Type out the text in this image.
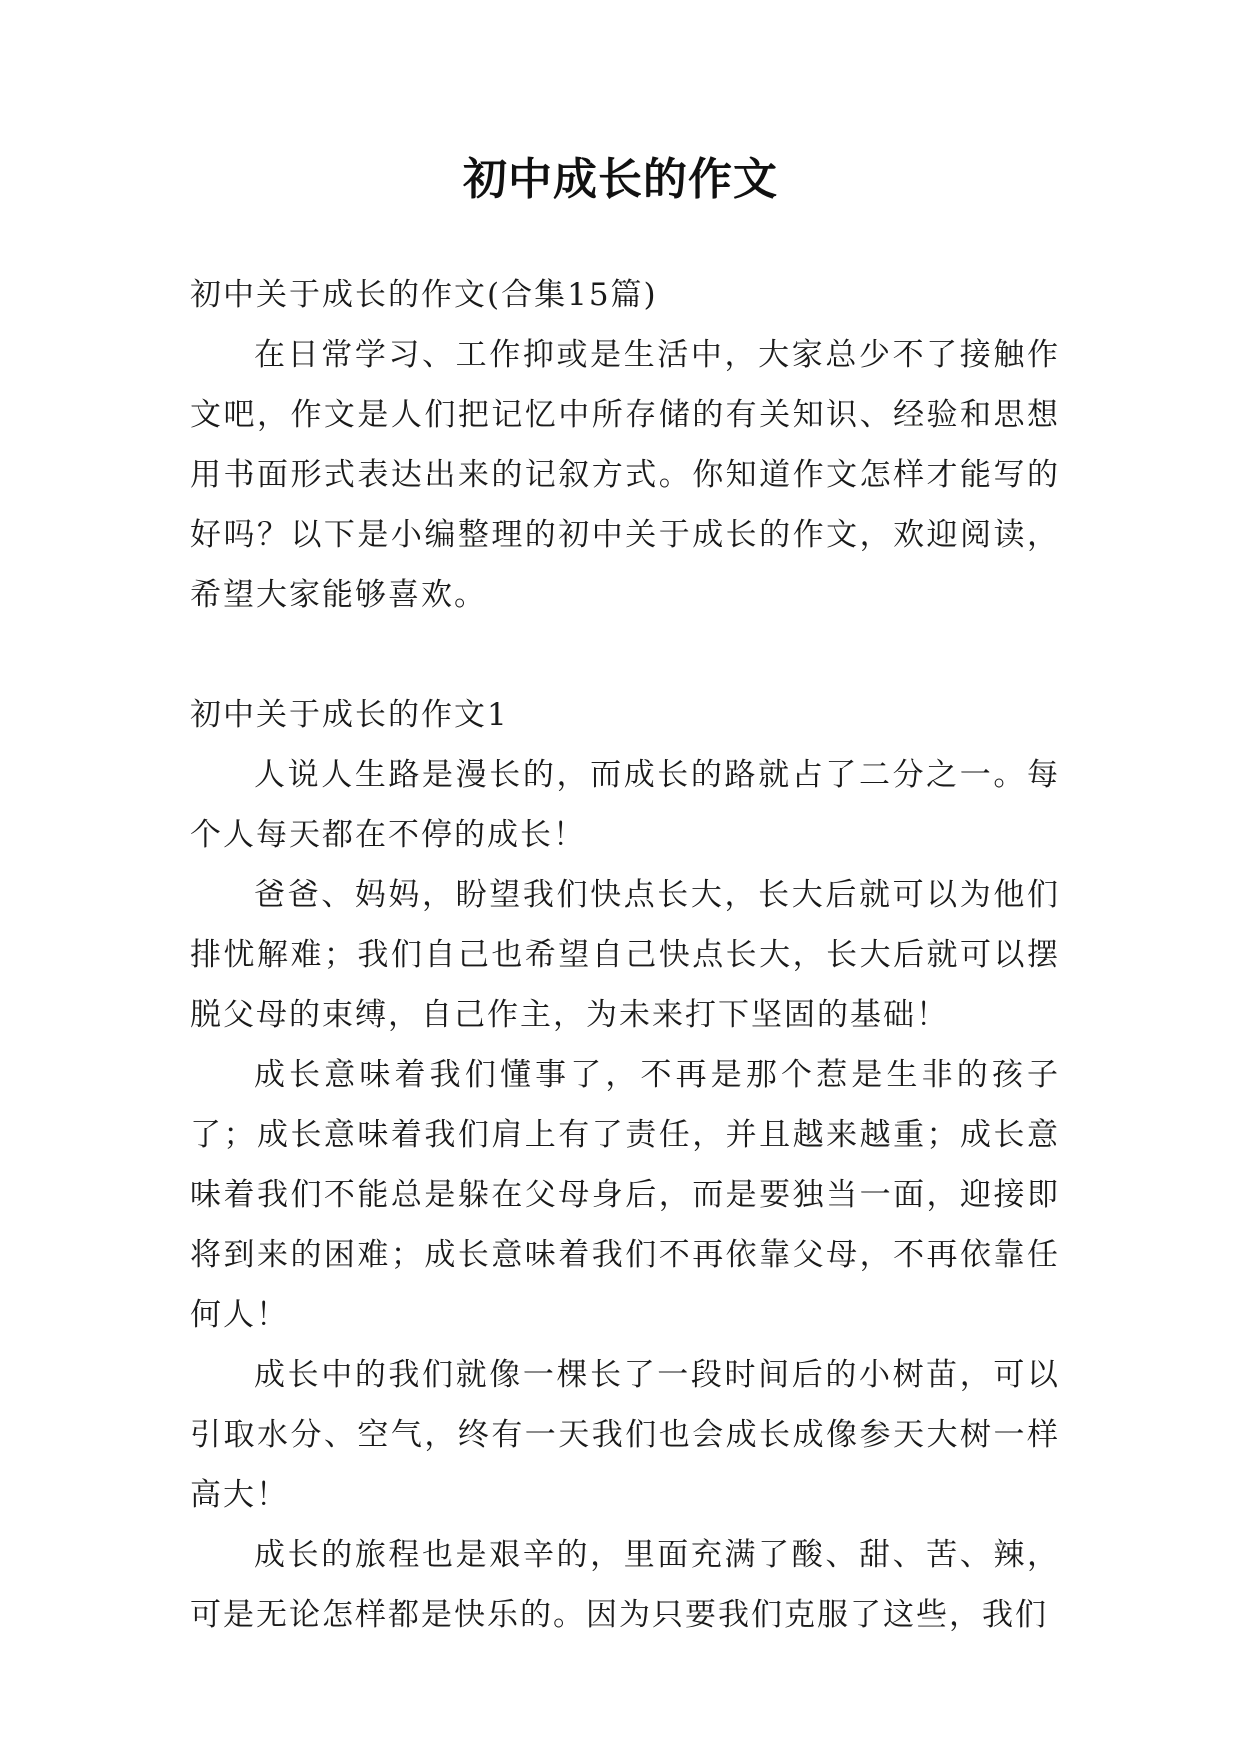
初中成长的作文

初中关于成长的作文(合集15篇)

在日常学习、工作抑或是生活中，大家总少不了接触作文吧，作文是人们把记忆中所存储的有关知识、经验和思想用书面形式表达出来的记叙方式。你知道作文怎样才能写的好吗？以下是小编整理的初中关于成长的作文，欢迎阅读，希望大家能够喜欢。

初中关于成长的作文1

人说人生路是漫长的，而成长的路就占了二分之一。每个人每天都在不停的成长！

爸爸、妈妈，盼望我们快点长大，长大后就可以为他们排忧解难；我们自己也希望自己快点长大，长大后就可以摆脱父母的束缚，自己作主，为未来打下坚固的基础！

成长意味着我们懂事了，不再是那个惹是生非的孩子了；成长意味着我们肩上有了责任，并且越来越重；成长意味着我们不能总是躲在父母身后，而是要独当一面，迎接即将到来的困难；成长意味着我们不再依靠父母，不再依靠任何人！

成长中的我们就像一棵长了一段时间后的小树苗，可以引取水分、空气，终有一天我们也会成长成像参天大树一样高大！

成长的旅程也是艰辛的，里面充满了酸、甜、苦、辣，可是无论怎样都是快乐的。因为只要我们克服了这些，我们
